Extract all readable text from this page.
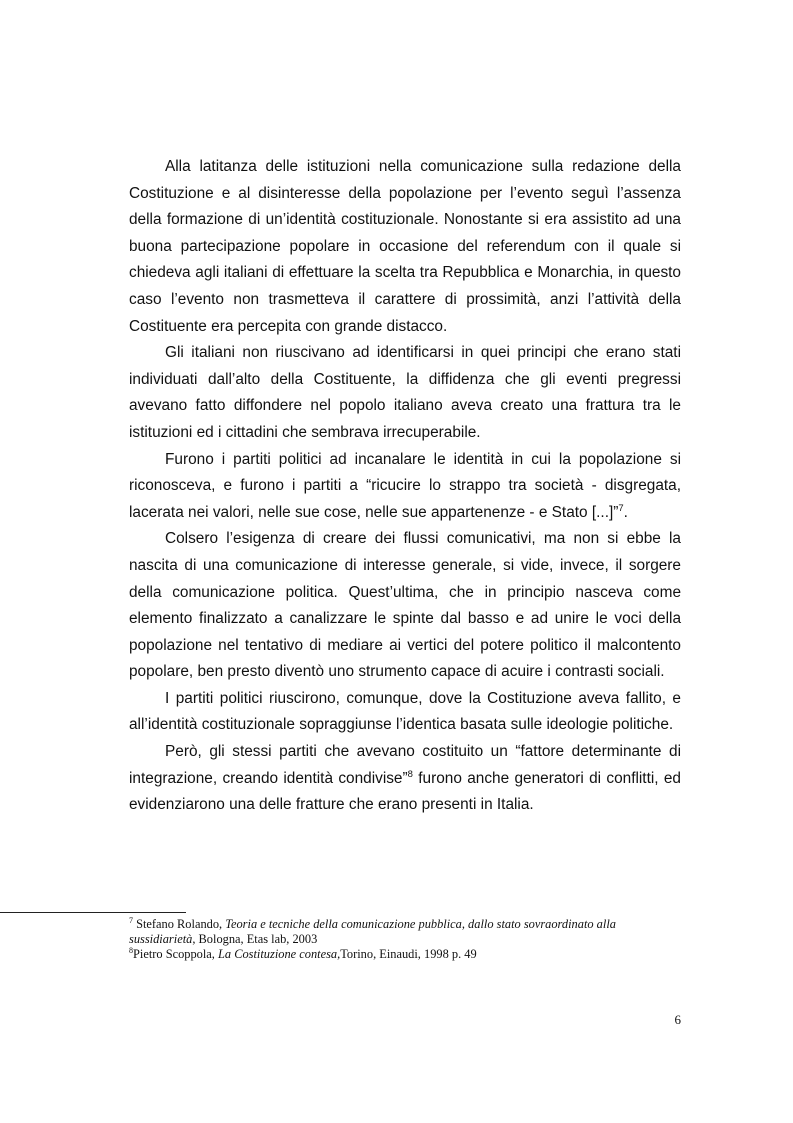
Alla latitanza delle istituzioni nella comunicazione sulla redazione della Costituzione e al disinteresse della popolazione per l’evento seguì l’assenza della formazione di un’identità costituzionale. Nonostante si era assistito ad una buona partecipazione popolare in occasione del referendum con il quale si chiedeva agli italiani di effettuare la scelta tra Repubblica e Monarchia, in questo caso l’evento non trasmetteva il carattere di prossimità, anzi l’attività della Costituente era percepita con grande distacco.

Gli italiani non riuscivano ad identificarsi in quei principi che erano stati individuati dall’alto della Costituente, la diffidenza che gli eventi pregressi avevano fatto diffondere nel popolo italiano aveva creato una frattura tra le istituzioni ed i cittadini che sembrava irrecuperabile.

Furono i partiti politici ad incanalare le identità in cui la popolazione si riconosceva, e furono i partiti a “ricucire lo strappo tra società - disgregata, lacerata nei valori, nelle sue cose, nelle sue appartenenze - e Stato [...]”$^7$.

Colsero l’esigenza di creare dei flussi comunicativi, ma non si ebbe la nascita di una comunicazione di interesse generale, si vide, invece, il sorgere della comunicazione politica. Quest’ultima, che in principio nasceva come elemento finalizzato a canalizzare le spinte dal basso e ad unire le voci della popolazione nel tentativo di mediare ai vertici del potere politico il malcontento popolare, ben presto diventò uno strumento capace di acuire i contrasti sociali.

I partiti politici riuscirono, comunque, dove la Costituzione aveva fallito, e all’identità costituzionale sopraggiunse l’identica basata sulle ideologie politiche.

Però, gli stessi partiti che avevano costituito un “fattore determinante di integrazione, creando identità condivise”$^8$ furono anche generatori di conflitti, ed evidenziarono una delle fratture che erano presenti in Italia.

$^7$ Stefano Rolando, Teoria e tecniche della comunicazione pubblica, dallo stato sovraordinato alla sussidiarietà, Bologna, Etas lab, 2003

$^8$Pietro Scoppola, La Costituzione contesa,Torino, Einaudi, 1998 p. 49

6
